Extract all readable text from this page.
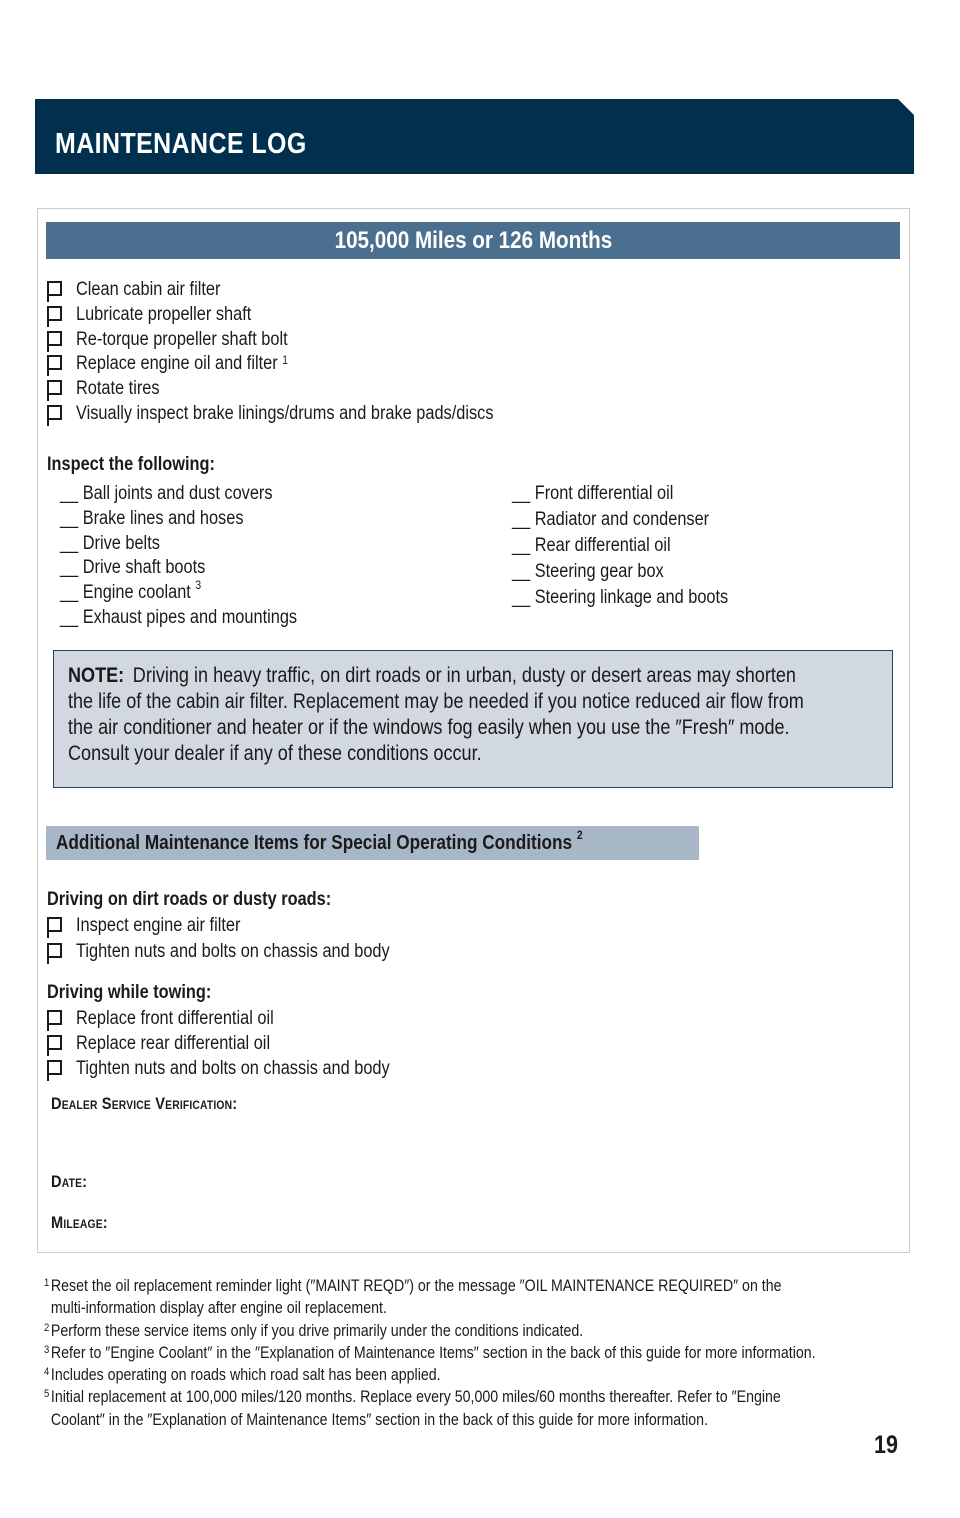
MAINTENANCE LOG
105,000 Miles or 126 Months
Clean cabin air filter
Lubricate propeller shaft
Re-torque propeller shaft bolt
Replace engine oil and filter $^1$
Rotate tires
Visually inspect brake linings/drums and brake pads/discs
Inspect the following:
__ Ball joints and dust covers
__ Brake lines and hoses
__ Drive belts
__ Drive shaft boots
__ Engine coolant $^3$
__ Exhaust pipes and mountings
__ Front differential oil
__ Radiator and condenser
__ Rear differential oil
__ Steering gear box
__ Steering linkage and boots
NOTE: Driving in heavy traffic, on dirt roads or in urban, dusty or desert areas may shorten
the life of the cabin air filter. Replacement may be needed if you notice reduced air flow from
the air conditioner and heater or if the windows fog easily when you use the ″Fresh″ mode.
Consult your dealer if any of these conditions occur.
Additional Maintenance Items for Special Operating Conditions $^2$
Driving on dirt roads or dusty roads:
Inspect engine air filter
Tighten nuts and bolts on chassis and body
Driving while towing:
Replace front differential oil
Replace rear differential oil
Tighten nuts and bolts on chassis and body
Dealer Service Verification:
Date:
Mileage:
1 Reset the oil replacement reminder light (″MAINT REQD″) or the message ″OIL MAINTENANCE REQUIRED″ on the
multi-information display after engine oil replacement.
2 Perform these service items only if you drive primarily under the conditions indicated.
3 Refer to ″Engine Coolant″ in the ″Explanation of Maintenance Items″ section in the back of this guide for more information.
4 Includes operating on roads which road salt has been applied.
5 Initial replacement at 100,000 miles/120 months. Replace every 50,000 miles/60 months thereafter. Refer to ″Engine
Coolant″ in the ″Explanation of Maintenance Items″ section in the back of this guide for more information.
19
